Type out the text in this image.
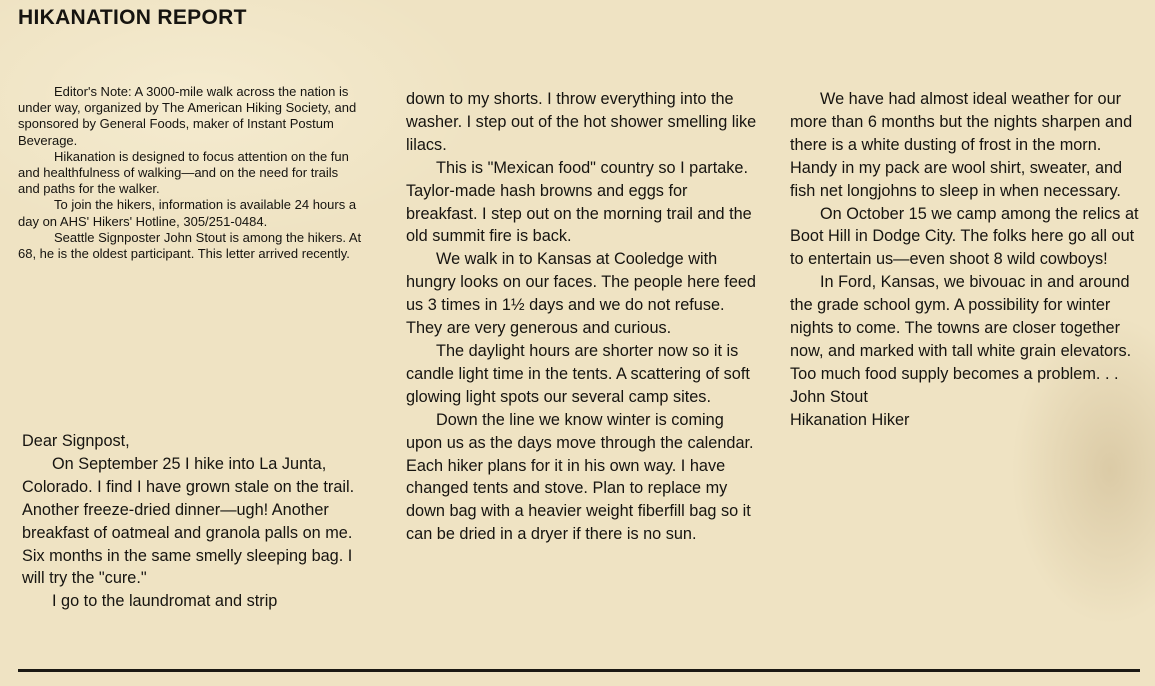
HIKANATION REPORT

Editor's Note: A 3000-mile walk across the nation is under way, organized by The American Hiking Society, and sponsored by General Foods, maker of Instant Postum Beverage.

Hikanation is designed to focus attention on the fun and healthfulness of walking—and on the need for trails and paths for the walker.

To join the hikers, information is available 24 hours a day on AHS' Hikers' Hotline, 305/251-0484.

Seattle Signposter John Stout is among the hikers. At 68, he is the oldest participant. This letter arrived recently.

Dear Signpost,

On September 25 I hike into La Junta, Colorado. I find I have grown stale on the trail. Another freeze-dried dinner—ugh! Another breakfast of oatmeal and granola palls on me. Six months in the same smelly sleeping bag. I will try the "cure."

I go to the laundromat and strip

down to my shorts. I throw everything into the washer. I step out of the hot shower smelling like lilacs.

This is "Mexican food" country so I partake. Taylor-made hash browns and eggs for breakfast. I step out on the morning trail and the old summit fire is back.

We walk in to Kansas at Cooledge with hungry looks on our faces. The people here feed us 3 times in 1½ days and we do not refuse. They are very generous and curious.

The daylight hours are shorter now so it is candle light time in the tents. A scattering of soft glowing light spots our several camp sites.

Down the line we know winter is coming upon us as the days move through the calendar. Each hiker plans for it in his own way. I have changed tents and stove. Plan to replace my down bag with a heavier weight fiberfill bag so it can be dried in a dryer if there is no sun.

We have had almost ideal weather for our more than 6 months but the nights sharpen and there is a white dusting of frost in the morn. Handy in my pack are wool shirt, sweater, and fish net longjohns to sleep in when necessary.

On October 15 we camp among the relics at Boot Hill in Dodge City. The folks here go all out to entertain us—even shoot 8 wild cowboys!

In Ford, Kansas, we bivouac in and around the grade school gym. A possibility for winter nights to come. The towns are closer together now, and marked with tall white grain elevators. Too much food supply becomes a problem. . .

John Stout

Hikanation Hiker
